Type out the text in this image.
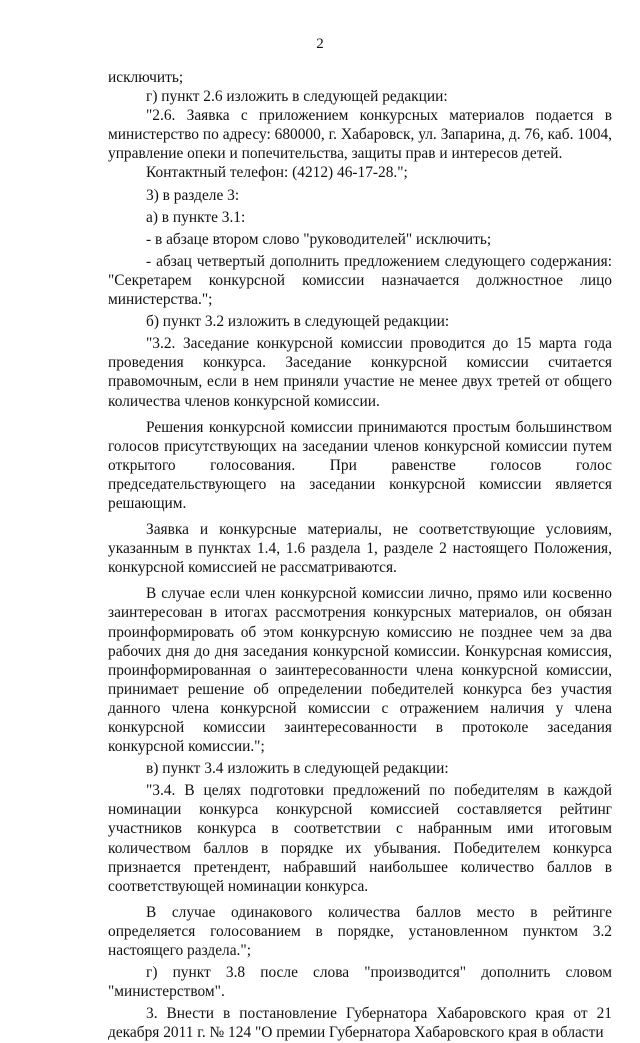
2

исключить;

г) пункт 2.6 изложить в следующей редакции:

"2.6. Заявка с приложением конкурсных материалов подается в министерство по адресу: 680000, г. Хабаровск, ул. Запарина, д. 76, каб. 1004, управление опеки и попечительства, защиты прав и интересов детей.

Контактный телефон: (4212) 46-17-28.";

3) в разделе 3:

а) в пункте 3.1:

- в абзаце втором слово "руководителей" исключить;

- абзац четвертый дополнить предложением следующего содержания: "Секретарем конкурсной комиссии назначается должностное лицо министерства.";

б) пункт 3.2 изложить в следующей редакции:

"3.2. Заседание конкурсной комиссии проводится до 15 марта года проведения конкурса. Заседание конкурсной комиссии считается правомочным, если в нем приняли участие не менее двух третей от общего количества членов конкурсной комиссии.

Решения конкурсной комиссии принимаются простым большинством голосов присутствующих на заседании членов конкурсной комиссии путем открытого голосования. При равенстве голосов голос председательствующего на заседании конкурсной комиссии является решающим.

Заявка и конкурсные материалы, не соответствующие условиям, указанным в пунктах 1.4, 1.6 раздела 1, разделе 2 настоящего Положения, конкурсной комиссией не рассматриваются.

В случае если член конкурсной комиссии лично, прямо или косвенно заинтересован в итогах рассмотрения конкурсных материалов, он обязан проинформировать об этом конкурсную комиссию не позднее чем за два рабочих дня до дня заседания конкурсной комиссии. Конкурсная комиссия, проинформированная о заинтересованности члена конкурсной комиссии, принимает решение об определении победителей конкурса без участия данного члена конкурсной комиссии с отражением наличия у члена конкурсной комиссии заинтересованности в протоколе заседания конкурсной комиссии.";

в) пункт 3.4 изложить в следующей редакции:

"3.4. В целях подготовки предложений по победителям в каждой номинации конкурса конкурсной комиссией составляется рейтинг участников конкурса в соответствии с набранным ими итоговым количеством баллов в порядке их убывания. Победителем конкурса признается претендент, набравший наибольшее количество баллов в соответствующей номинации конкурса.

В случае одинакового количества баллов место в рейтинге определяется голосованием в порядке, установленном пунктом 3.2 настоящего раздела.";

г) пункт 3.8 после слова "производится" дополнить словом "министерством".

3. Внести в постановление Губернатора Хабаровского края от 21 декабря 2011 г. № 124 "О премии Губернатора Хабаровского края в области
